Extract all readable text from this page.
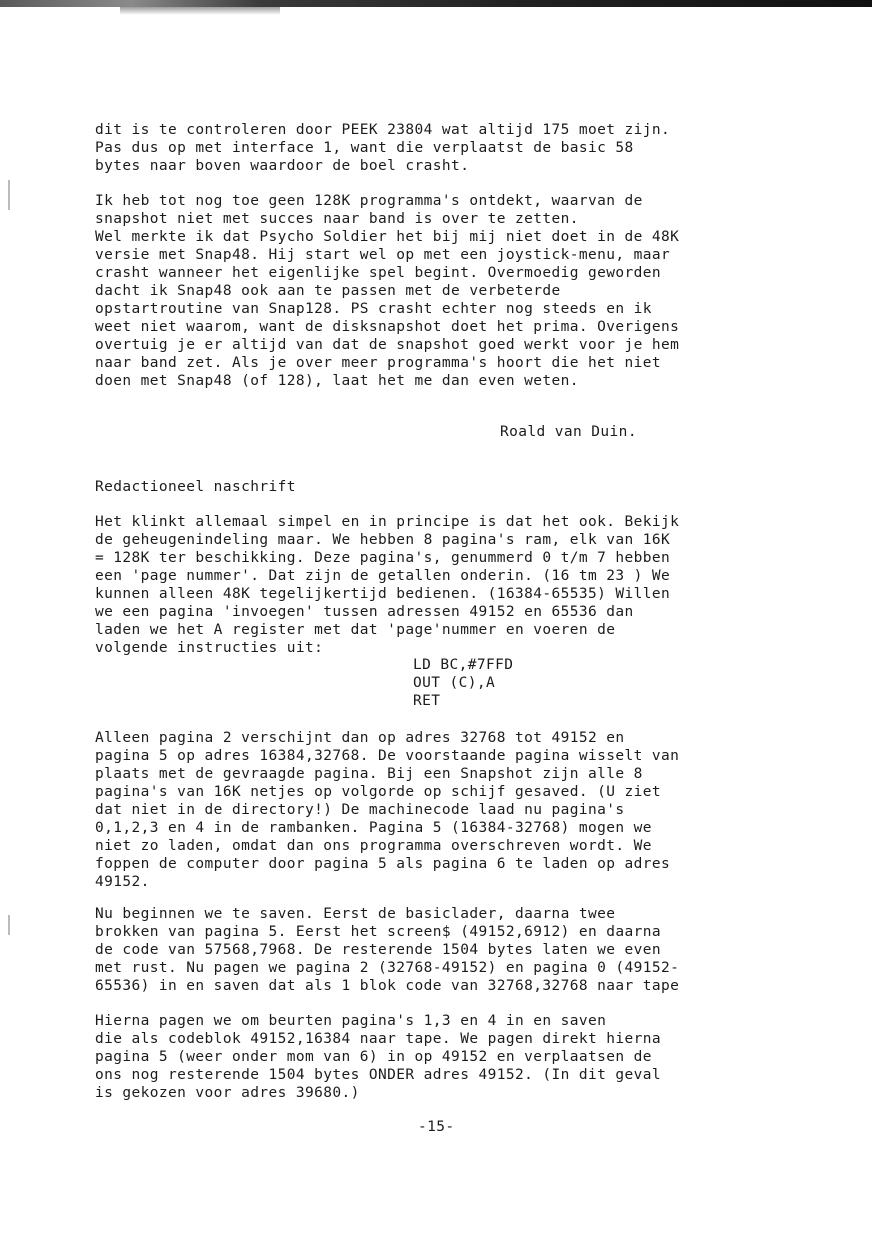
dit is te controleren door PEEK 23804 wat altijd 175 moet zijn.
Pas dus op met interface 1, want die verplaatst de basic 58
bytes naar boven waardoor de boel crasht.
Ik heb tot nog toe geen 128K programma's ontdekt, waarvan de
snapshot niet met succes naar band is over te zetten.
Wel merkte ik dat Psycho Soldier het bij mij niet doet in de 48K
versie met Snap48. Hij start wel op met een joystick-menu, maar
crasht wanneer het eigenlijke spel begint. Overmoedig geworden
dacht ik Snap48 ook aan te passen met de verbeterde
opstartroutine van Snap128. PS crasht echter nog steeds en ik
weet niet waarom, want de disksnapshot doet het prima. Overigens
overtuig je er altijd van dat de snapshot goed werkt voor je hem
naar band zet. Als je over meer programma's hoort die het niet
doen met Snap48 (of 128), laat het me dan even weten.
Roald van Duin.
Redactioneel naschrift
Het klinkt allemaal simpel en in principe is dat het ook. Bekijk
de geheugenindeling maar. We hebben 8 pagina's ram, elk van 16K
= 128K ter beschikking. Deze pagina's, genummerd 0 t/m 7 hebben
een 'page nummer'. Dat zijn de getallen onderin. (16 tm 23 ) We
kunnen alleen 48K tegelijkertijd bedienen. (16384-65535) Willen
we een pagina 'invoegen' tussen adressen 49152 en 65536 dan
laden we het A register met dat 'page'nummer en voeren de
volgende instructies uit:
LD BC,#7FFD
OUT (C),A
RET
Alleen pagina 2 verschijnt dan op adres 32768 tot 49152 en
pagina 5 op adres 16384,32768. De voorstaande pagina wisselt van
plaats met de gevraagde pagina. Bij een Snapshot zijn alle 8
pagina's van 16K netjes op volgorde op schijf gesaved. (U ziet
dat niet in de directory!) De machinecode laad nu pagina's
0,1,2,3 en 4 in de rambanken. Pagina 5 (16384-32768) mogen we
niet zo laden, omdat dan ons programma overschreven wordt. We
foppen de computer door pagina 5 als pagina 6 te laden op adres
49152.
Nu beginnen we te saven. Eerst de basiclader, daarna twee
brokken van pagina 5. Eerst het screen$ (49152,6912) en daarna
de code van 57568,7968. De resterende 1504 bytes laten we even
met rust. Nu pagen we pagina 2 (32768-49152) en pagina 0 (49152-
65536) in en saven dat als 1 blok code van 32768,32768 naar tape
Hierna pagen we om beurten pagina's 1,3 en 4 in en saven
die als codeblok 49152,16384 naar tape. We pagen direkt hierna
pagina 5 (weer onder mom van 6) in op 49152 en verplaatsen de
ons nog resterende 1504 bytes ONDER adres 49152. (In dit geval
is gekozen voor adres 39680.)
-15-
